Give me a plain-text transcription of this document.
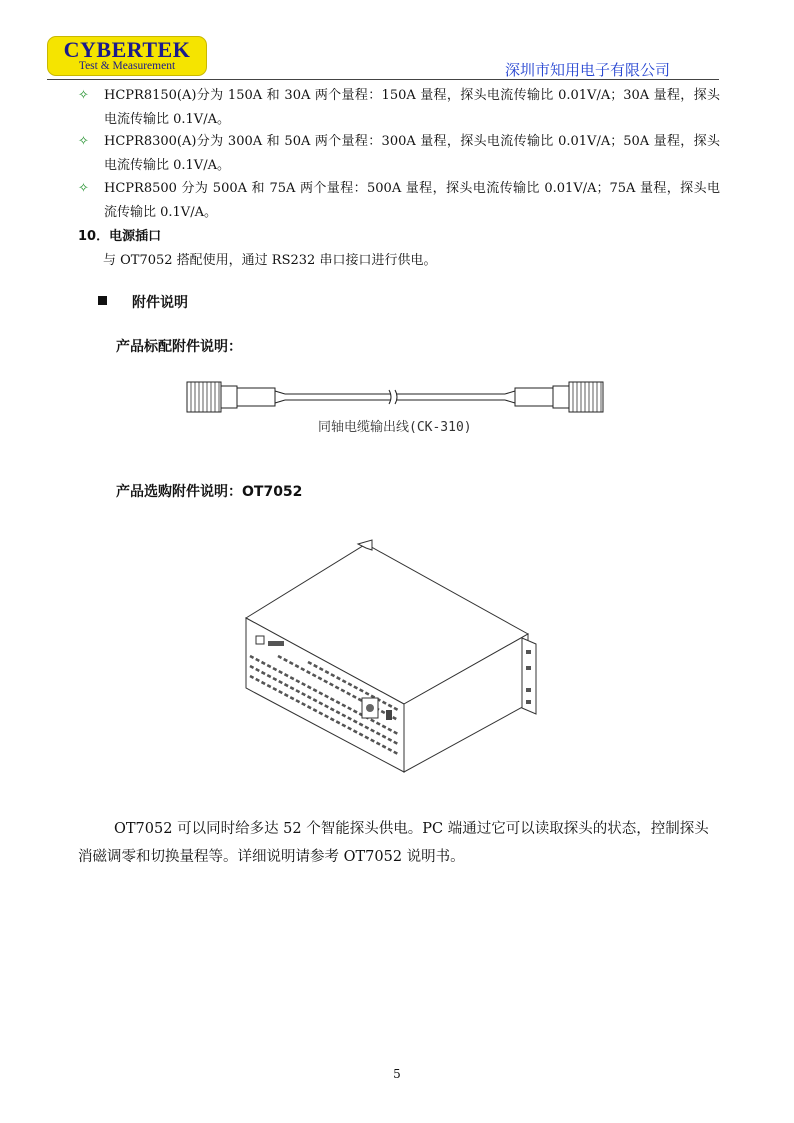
CYBERTEK
Test & Measurement	深圳市知用电子有限公司
✧ HCPR8150(A)分为 150A 和 30A 两个量程：150A 量程，探头电流传输比 0.01V/A；30A 量程，探头电流传输比 0.1V/A。
✧ HCPR8300(A)分为 300A 和 50A 两个量程：300A 量程，探头电流传输比 0.01V/A；50A 量程，探头电流传输比 0.1V/A。
✧ HCPR8500 分为 500A 和 75A 两个量程：500A 量程，探头电流传输比 0.01V/A；75A 量程，探头电流传输比 0.1V/A。
10．电源插口
与 OT7052 搭配使用，通过 RS232 串口接口进行供电。
附件说明
产品标配附件说明：
同轴电缆输出线(CK-310)
产品选购附件说明：OT7052
OT7052 可以同时给多达 52 个智能探头供电。PC 端通过它可以读取探头的状态，控制探头消磁调零和切换量程等。详细说明请参考 OT7052 说明书。
5
